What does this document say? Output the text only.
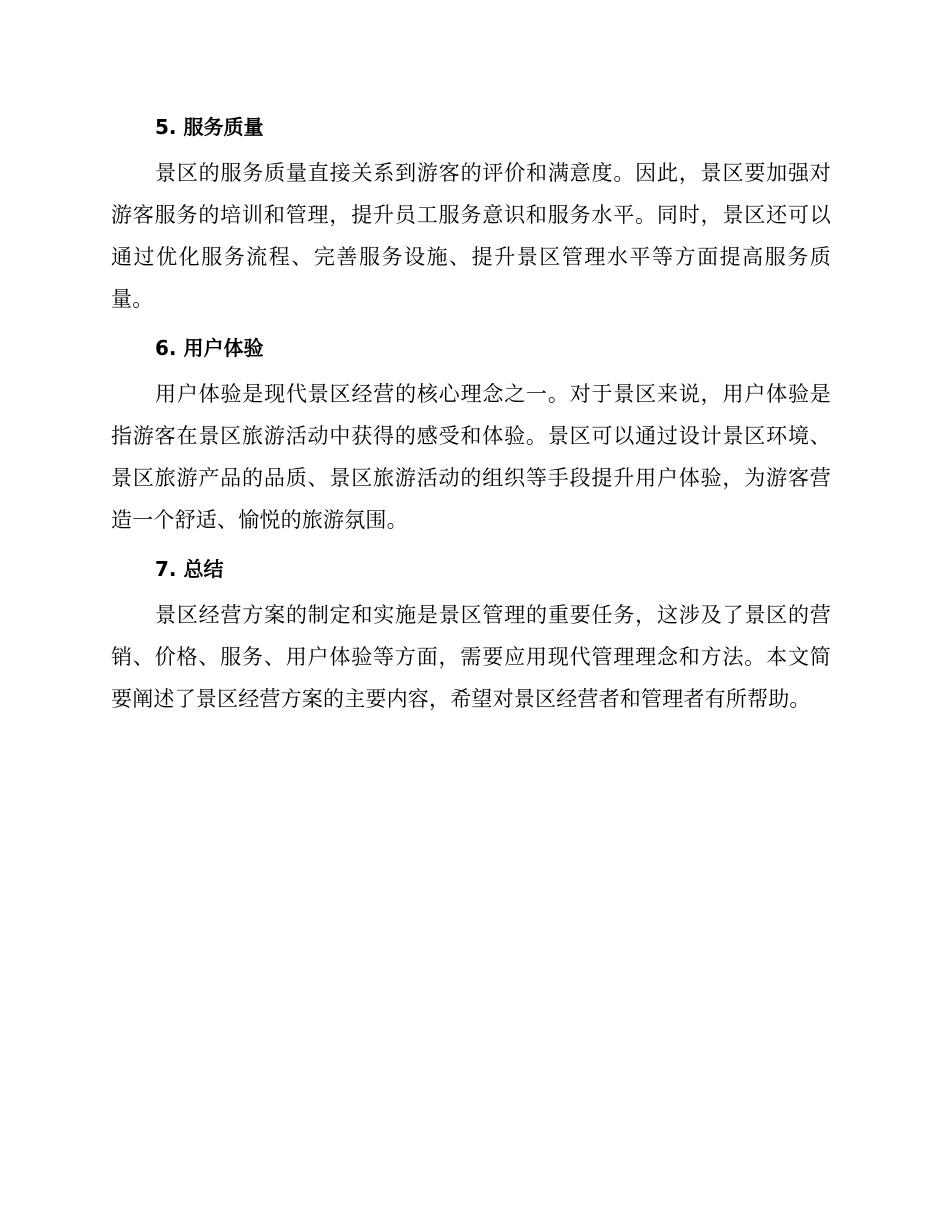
5. 服务质量

景区的服务质量直接关系到游客的评价和满意度。因此，景区要加强对游客服务的培训和管理，提升员工服务意识和服务水平。同时，景区还可以通过优化服务流程、完善服务设施、提升景区管理水平等方面提高服务质量。

6. 用户体验

用户体验是现代景区经营的核心理念之一。对于景区来说，用户体验是指游客在景区旅游活动中获得的感受和体验。景区可以通过设计景区环境、景区旅游产品的品质、景区旅游活动的组织等手段提升用户体验，为游客营造一个舒适、愉悦的旅游氛围。

7. 总结

景区经营方案的制定和实施是景区管理的重要任务，这涉及了景区的营销、价格、服务、用户体验等方面，需要应用现代管理理念和方法。本文简要阐述了景区经营方案的主要内容，希望对景区经营者和管理者有所帮助。
